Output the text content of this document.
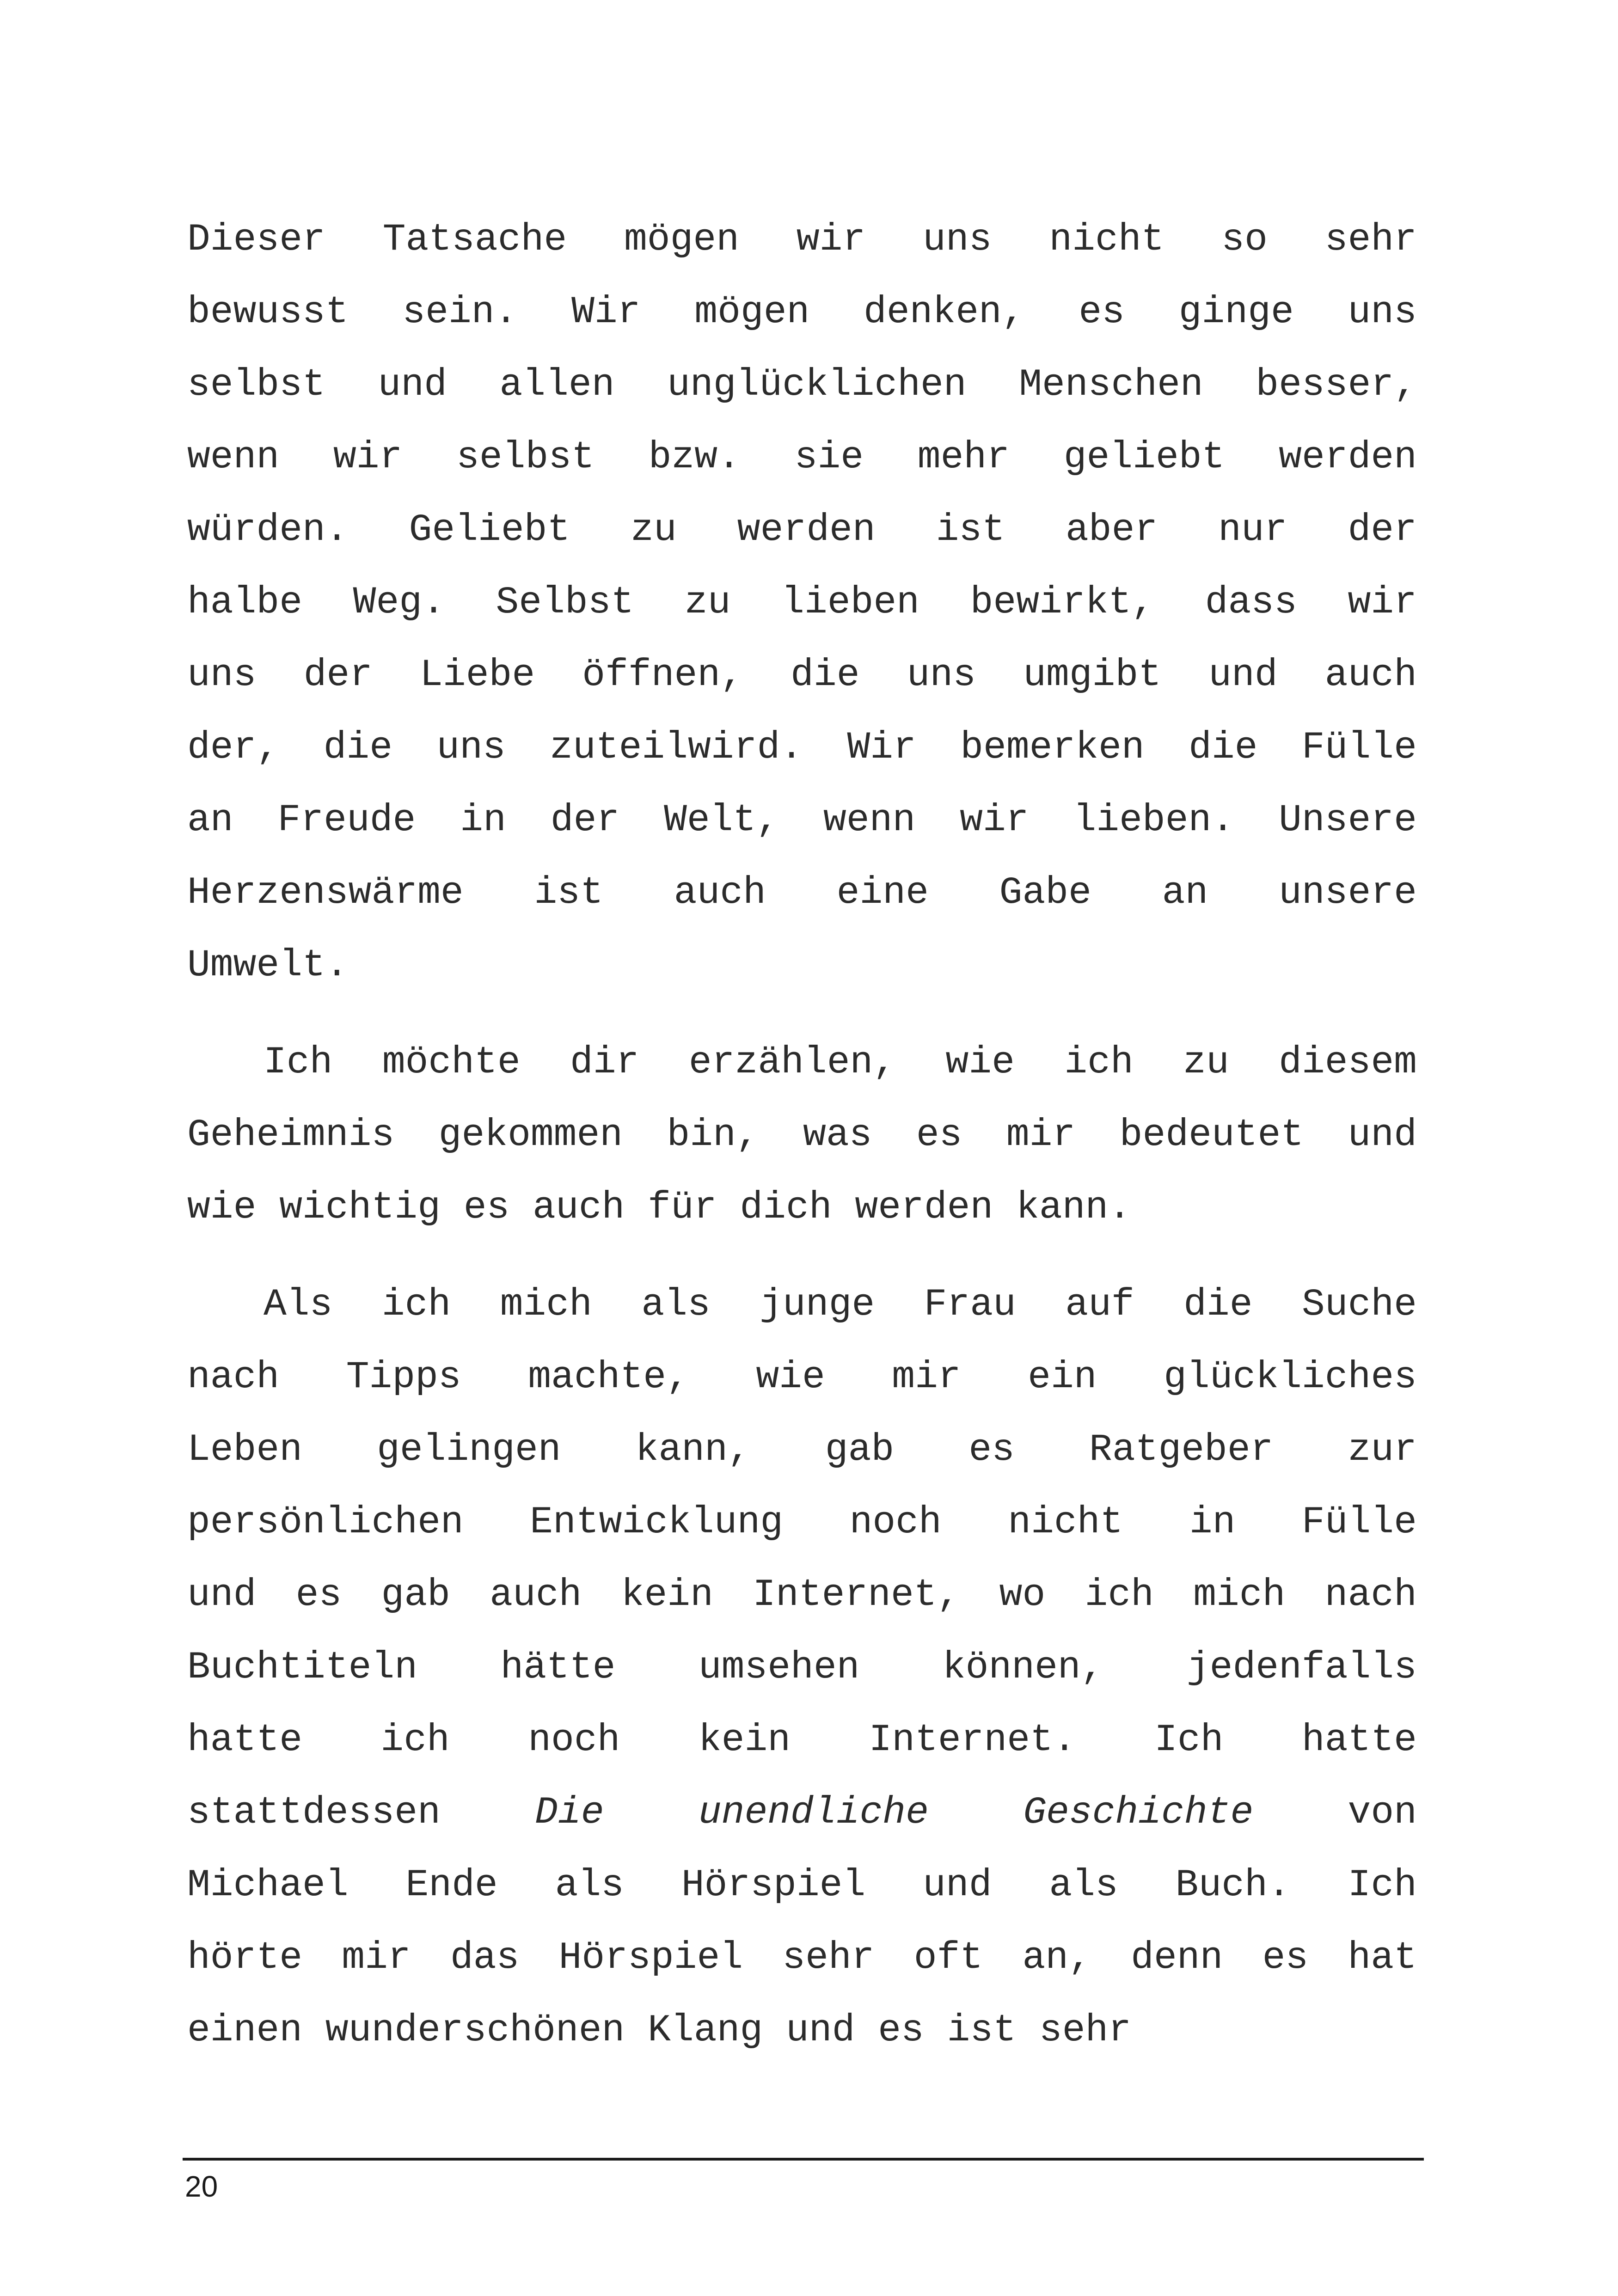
Dieser Tatsache mögen wir uns nicht so sehr
bewusst sein. Wir mögen denken, es ginge uns
selbst und allen unglücklichen Menschen besser,
wenn wir selbst bzw. sie mehr geliebt werden
würden. Geliebt zu werden ist aber nur der
halbe Weg. Selbst zu lieben bewirkt, dass wir
uns der Liebe öffnen, die uns umgibt und auch
der, die uns zuteilwird. Wir bemerken die Fülle
an Freude in der Welt, wenn wir lieben. Unsere
Herzenswärme ist auch eine Gabe an unsere
Umwelt.
Ich möchte dir erzählen, wie ich zu diesem
Geheimnis gekommen bin, was es mir bedeutet und
wie wichtig es auch für dich werden kann.
Als ich mich als junge Frau auf die Suche
nach Tipps machte, wie mir ein glückliches
Leben gelingen kann, gab es Ratgeber zur
persönlichen Entwicklung noch nicht in Fülle
und es gab auch kein Internet, wo ich mich nach
Buchtiteln hätte umsehen können, jedenfalls
hatte ich noch kein Internet. Ich hatte
stattdessen Die unendliche Geschichte von
Michael Ende als Hörspiel und als Buch. Ich
hörte mir das Hörspiel sehr oft an, denn es hat
einen wunderschönen Klang und es ist sehr
20
